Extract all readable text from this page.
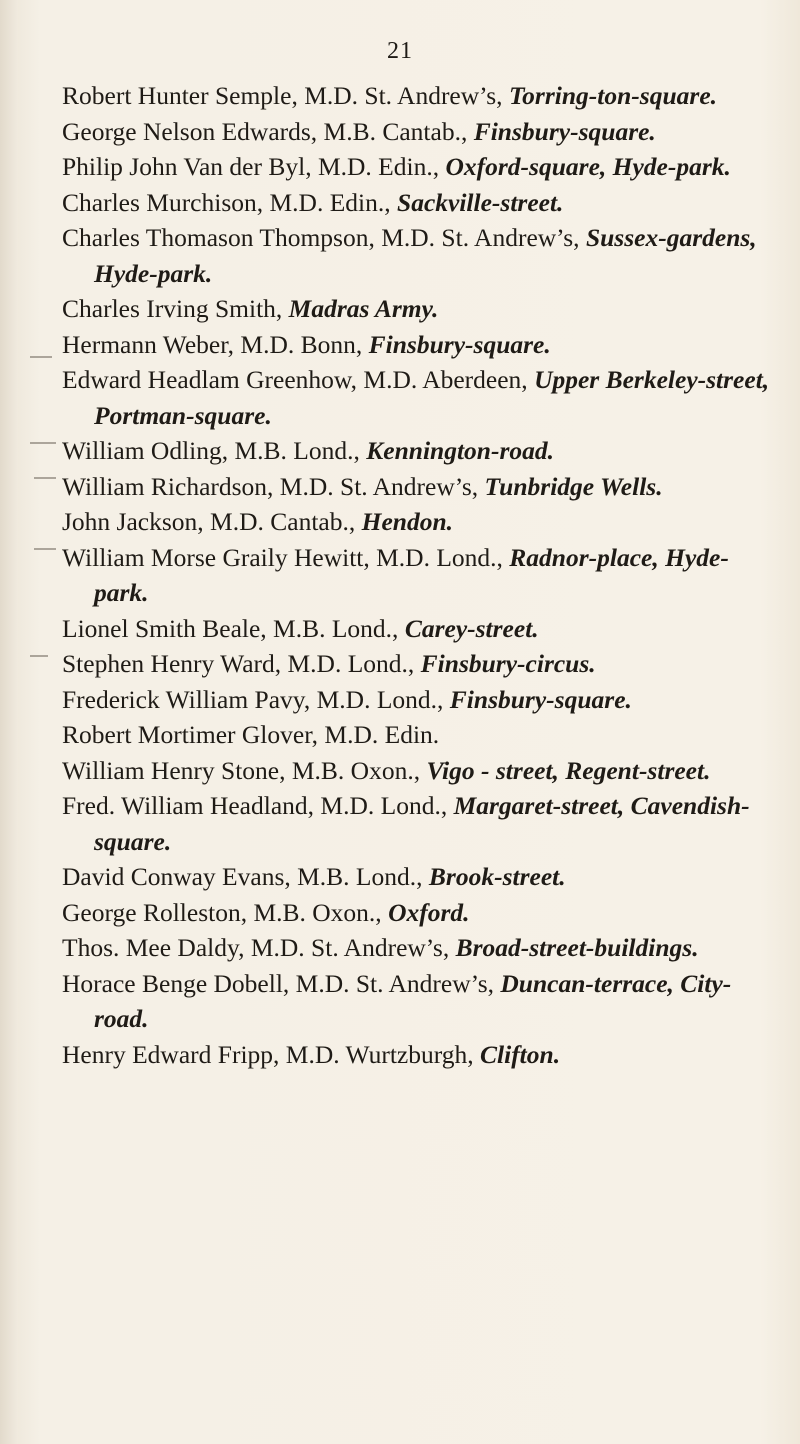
21
Robert Hunter Semple, M.D. St. Andrew’s, Torring-ton-square.
George Nelson Edwards, M.B. Cantab., Finsbury-square.
Philip John Van der Byl, M.D. Edin., Oxford-square, Hyde-park.
Charles Murchison, M.D. Edin., Sackville-street.
Charles Thomason Thompson, M.D. St. Andrew’s, Sussex-gardens, Hyde-park.
Charles Irving Smith, Madras Army.
Hermann Weber, M.D. Bonn, Finsbury-square.
Edward Headlam Greenhow, M.D. Aberdeen, Upper Berkeley-street, Portman-square.
William Odling, M.B. Lond., Kennington-road.
William Richardson, M.D. St. Andrew’s, Tunbridge Wells.
John Jackson, M.D. Cantab., Hendon.
William Morse Graily Hewitt, M.D. Lond., Radnor-place, Hyde-park.
Lionel Smith Beale, M.B. Lond., Carey-street.
Stephen Henry Ward, M.D. Lond., Finsbury-circus.
Frederick William Pavy, M.D. Lond., Finsbury-square.
Robert Mortimer Glover, M.D. Edin.
William Henry Stone, M.B. Oxon., Vigo - street, Regent-street.
Fred. William Headland, M.D. Lond., Margaret-street, Cavendish-square.
David Conway Evans, M.B. Lond., Brook-street.
George Rolleston, M.B. Oxon., Oxford.
Thos. Mee Daldy, M.D. St. Andrew’s, Broad-street-buildings.
Horace Benge Dobell, M.D. St. Andrew’s, Duncan-terrace, City-road.
Henry Edward Fripp, M.D. Wurtzburgh, Clifton.
